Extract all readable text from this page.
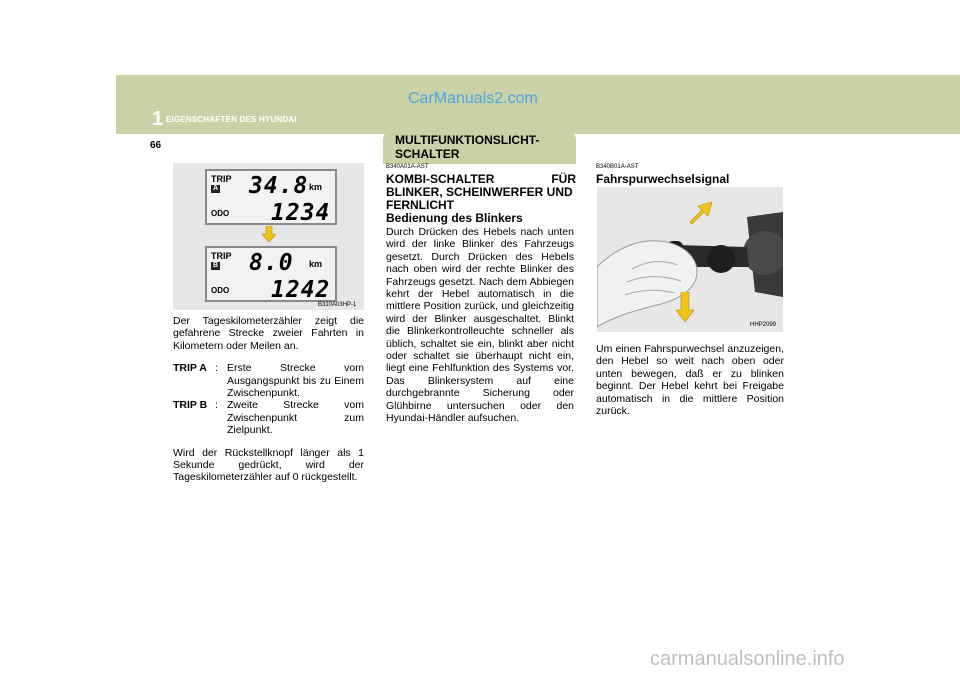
1 EIGENSCHAFTEN DES HYUNDAI
CarManuals2.com
66	MULTIFUNKTIONSLICHT-SCHALTER
TRIP
A 34.8 km
ODO 1234
TRIP
B 8.0 km
ODO 1242
B310A03HP-1

Der Tageskilometerzähler zeigt die gefahrene Strecke zweier Fahrten in Kilometern oder Meilen an.

TRIP A : Erste Strecke vom Ausgangspunkt bis zu Einem Zwischenpunkt.
TRIP B : Zweite Strecke vom Zwischenpunkt zum Zielpunkt.

Wird der Rückstellknopf länger als 1 Sekunde gedrückt, wird der Tageskilometerzähler auf 0 rückgestellt.

B340A01A-AST
KOMBI-SCHALTER	FÜR
BLINKER, SCHEINWERFER UND FERNLICHT
Bedienung des Blinkers

Durch Drücken des Hebels nach unten wird der linke Blinker des Fahrzeugs gesetzt. Durch Drücken des Hebels nach oben wird der rechte Blinker des Fahrzeugs gesetzt. Nach dem Abbiegen kehrt der Hebel automatisch in die mittlere Position zurück, und gleichzeitig wird der Blinker ausgeschaltet. Blinkt die Blinkerkontrolleuchte schneller als üblich, schaltet sie ein, blinkt aber nicht oder schaltet sie überhaupt nicht ein, liegt eine Fehlfunktion des Systems vor. Das Blinkersystem auf eine durchgebrannte Sicherung oder Glühbirne untersuchen oder den Hyundai-Händler aufsuchen.

B340B01A-AST
Fahrspurwechselsignal
HHP2099

Um einen Fahrspurwechsel anzuzeigen, den Hebel so weit nach oben oder unten bewegen, daß er zu blinken beginnt. Der Hebel kehrt bei Freigabe automatisch in die mittlere Position zurück.

carmanualsonline.info
